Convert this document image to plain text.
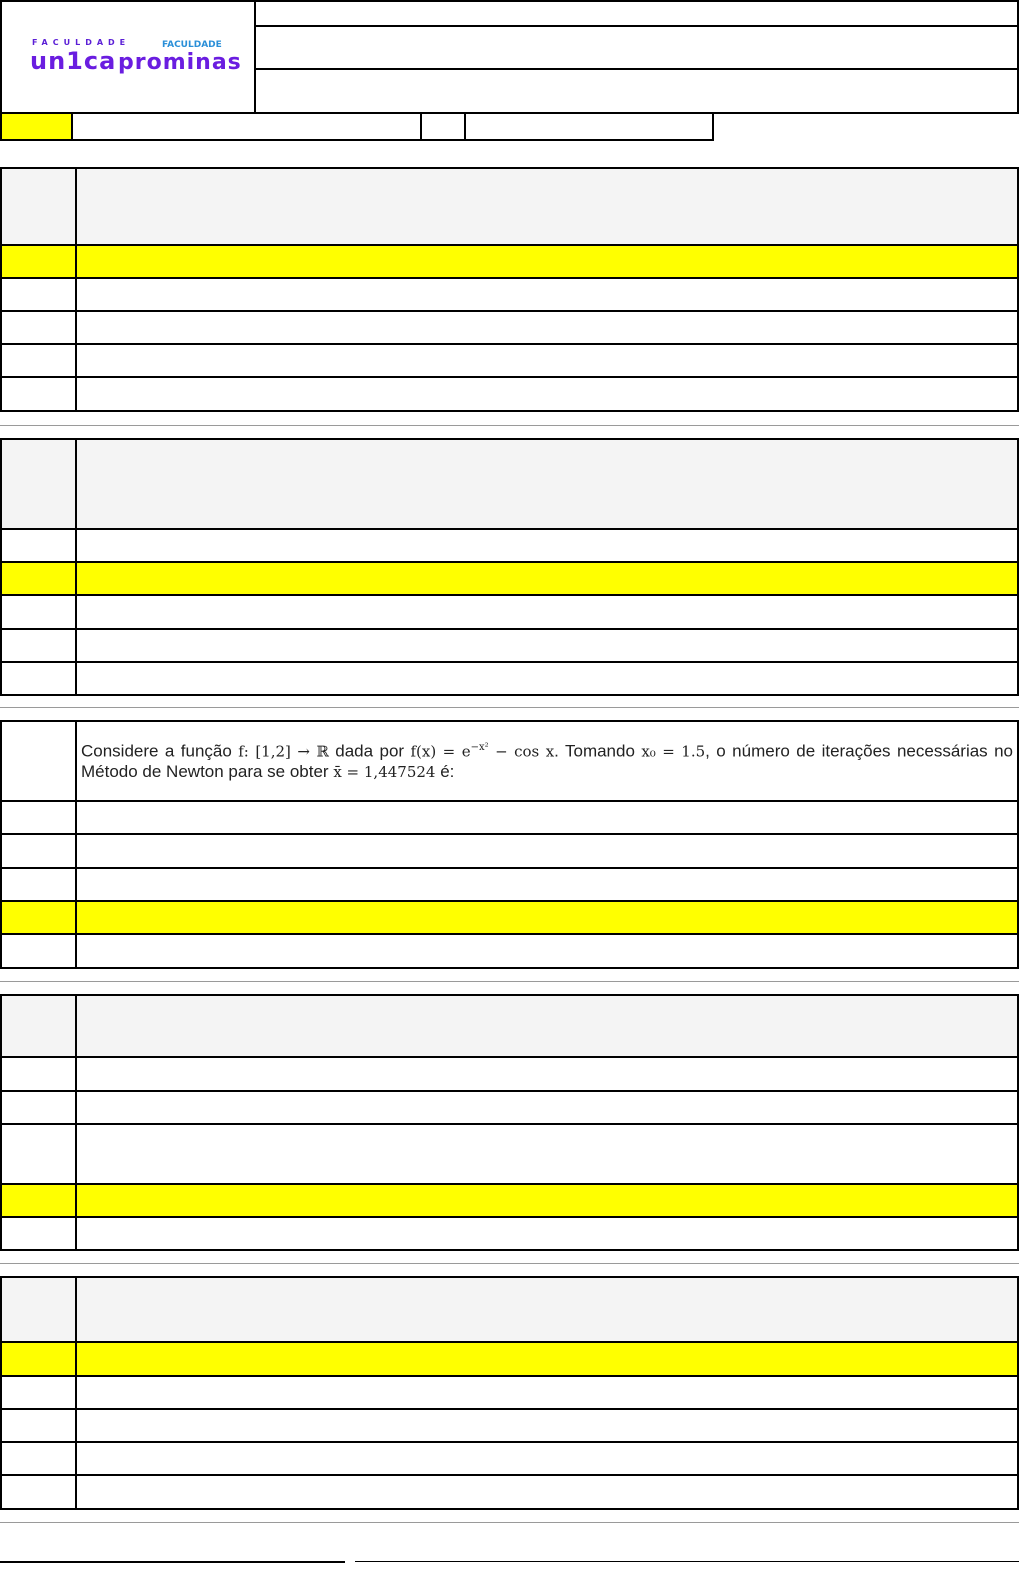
FACULDADE
un1ca
FACULDADE
prominas
Considere a função f: [1,2] → ℝ dada por $f(x) = e^{-x^2} - \cos x$. Tomando x₀ = 1.5, o número de iterações necessárias no Método de Newton para se obter x̄ = 1,447524 é:
